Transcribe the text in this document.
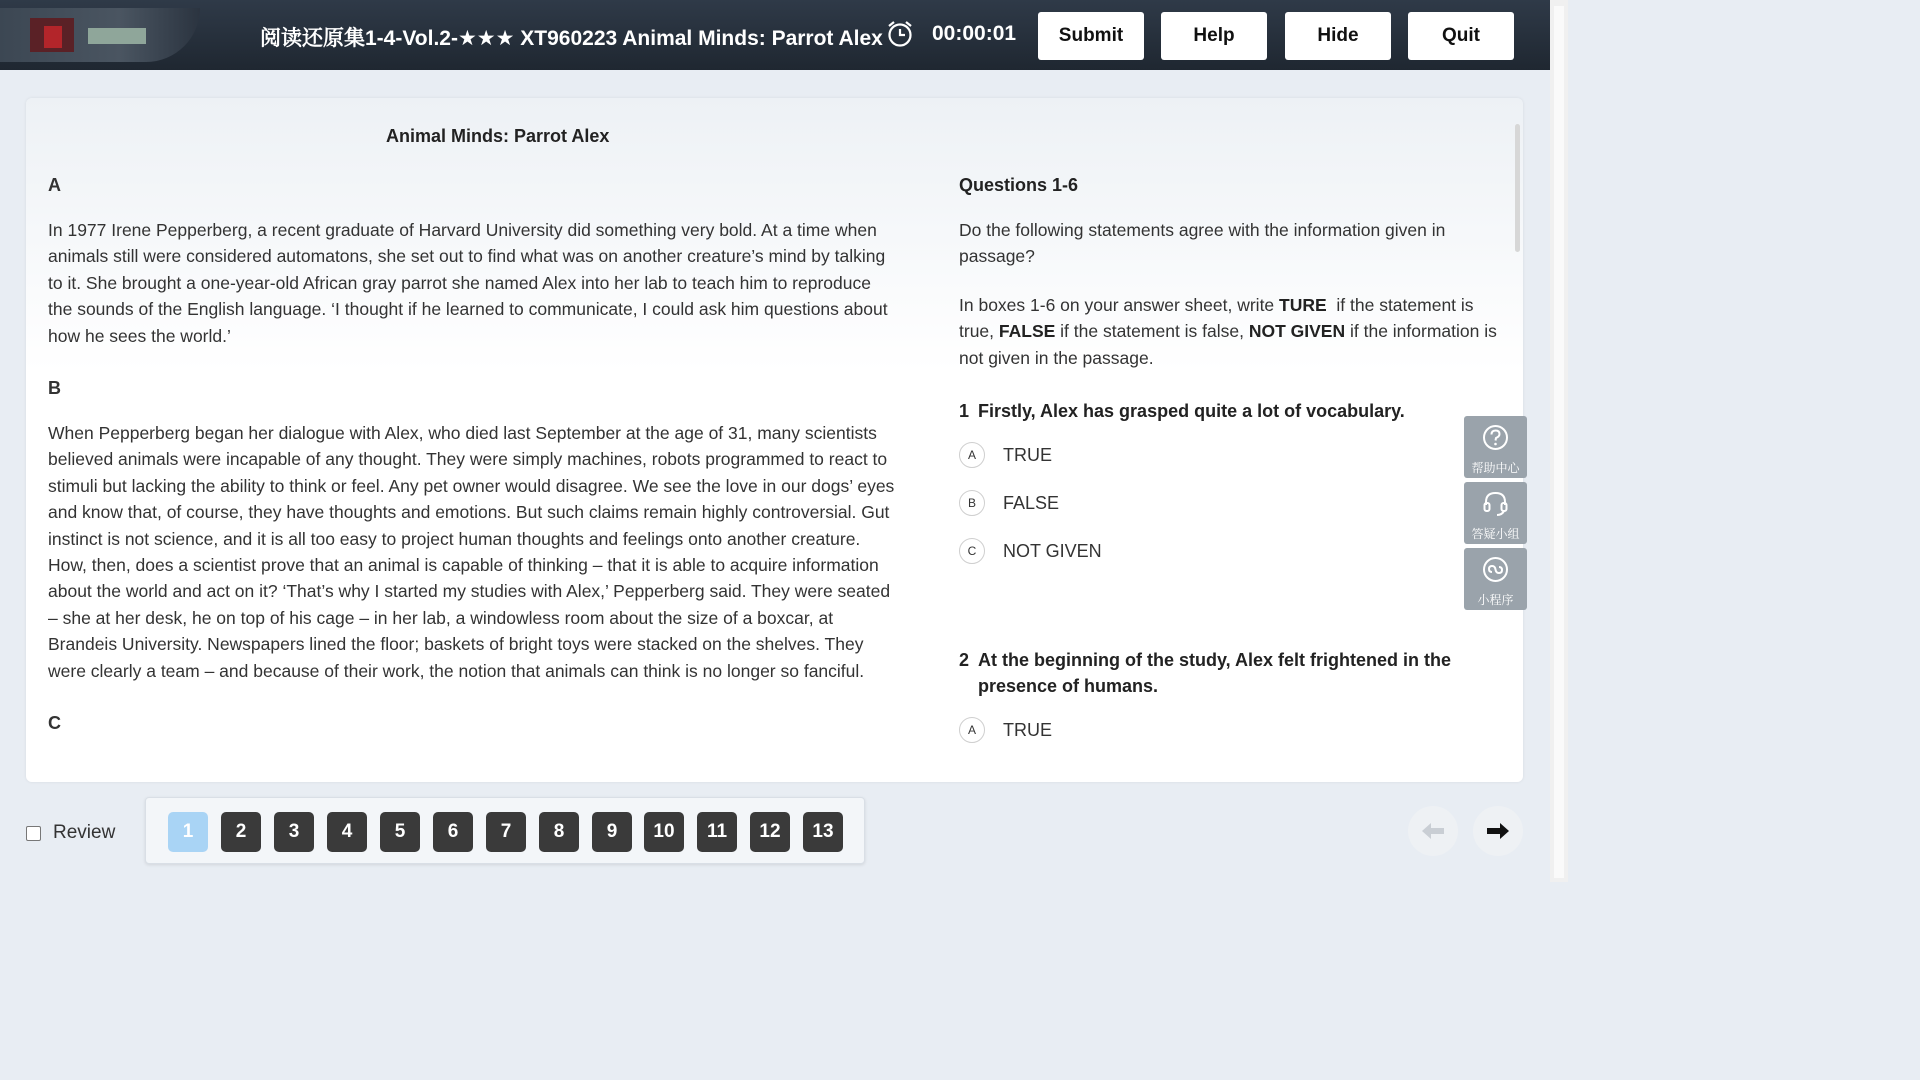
阅读还原集1-4-Vol.2-★★★ XT960223 Animal Minds: Parrot Alex 00:00:01	Submit	Help	Hide	Quit
Animal Minds: Parrot Alex
A
In 1977 Irene Pepperberg, a recent graduate of Harvard University did something very bold. At a time when
animals still were considered automatons, she set out to find what was on another creature’s mind by talking
to it. She brought a one-year-old African gray parrot she named Alex into her lab to teach him to reproduce
the sounds of the English language. ‘I thought if he learned to communicate, I could ask him questions about
how he sees the world.’
B
When Pepperberg began her dialogue with Alex, who died last September at the age of 31, many scientists
believed animals were incapable of any thought. They were simply machines, robots programmed to react to
stimuli but lacking the ability to think or feel. Any pet owner would disagree. We see the love in our dogs’ eyes
and know that, of course, they have thoughts and emotions. But such claims remain highly controversial. Gut
instinct is not science, and it is all too easy to project human thoughts and feelings onto another creature.
How, then, does a scientist prove that an animal is capable of thinking – that it is able to acquire information
about the world and act on it? ‘That’s why I started my studies with Alex,’ Pepperberg said. They were seated
– she at her desk, he on top of his cage – in her lab, a windowless room about the size of a boxcar, at
Brandeis University. Newspapers lined the floor; baskets of bright toys were stacked on the shelves. They
were clearly a team – and because of their work, the notion that animals can think is no longer so fanciful.
C
Questions 1-6
Do the following statements agree with the information given in
passage?
In boxes 1-6 on your answer sheet, write TURE  if the statement is
true, FALSE if the statement is false, NOT GIVEN if the information is
not given in the passage.
1 Firstly, Alex has grasped quite a lot of vocabulary.
A	TRUE
B	FALSE
C	NOT GIVEN
2 At the beginning of the study, Alex felt frightened in the presence of humans.
A	TRUE
帮助中心
答疑小组
小程序
Review	1	2	3	4	5	6	7	8	9	10	11	12	13
